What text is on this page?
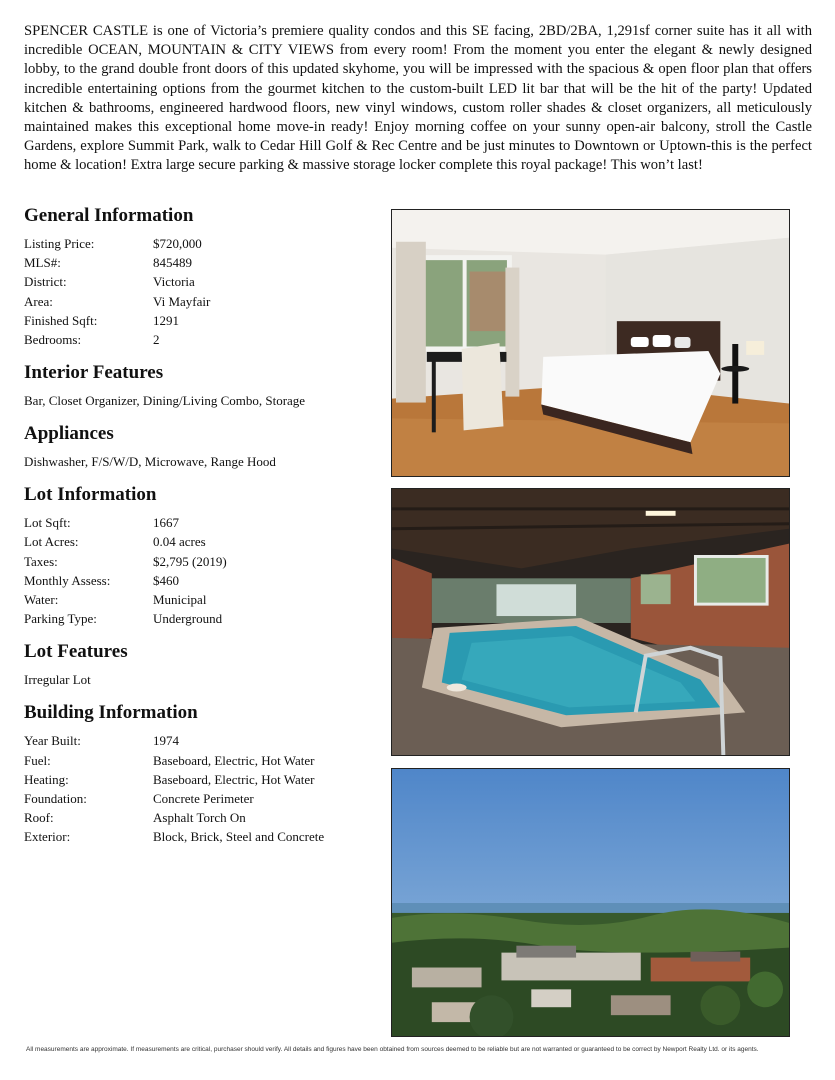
SPENCER CASTLE is one of Victoria’s premiere quality condos and this SE facing, 2BD/2BA, 1,291sf corner suite has it all with incredible OCEAN, MOUNTAIN & CITY VIEWS from every room! From the moment you enter the elegant & newly designed lobby, to the grand double front doors of this updated skyhome, you will be impressed with the spacious & open floor plan that offers incredible entertaining options from the gourmet kitchen to the custom-built LED lit bar that will be the hit of the party! Updated kitchen & bathrooms, engineered hardwood floors, new vinyl windows, custom roller shades & closet organizers, all meticulously maintained makes this exceptional home move-in ready! Enjoy morning coffee on your sunny open-air balcony, stroll the Castle Gardens, explore Summit Park, walk to Cedar Hill Golf & Rec Centre and be just minutes to Downtown or Uptown-this is the perfect home & location! Extra large secure parking & massive storage locker complete this royal package! This won’t last!

General Information
Listing Price:	$720,000
MLS#:	845489
District:	Victoria
Area:	Vi Mayfair
Finished Sqft:	1291
Bedrooms:	2
Interior Features

Bar, Closet Organizer, Dining/Living Combo, Storage

Appliances

Dishwasher, F/S/W/D, Microwave, Range Hood

Lot Information
Lot Sqft:	1667
Lot Acres:	0.04 acres
Taxes:	$2,795 (2019)
Monthly Assess:	$460
Water:	Municipal
Parking Type:	Underground
Lot Features

Irregular Lot

Building Information
Year Built:	1974
Fuel:	Baseboard, Electric, Hot Water
Heating:	Baseboard, Electric, Hot Water
Foundation:	Concrete Perimeter
Roof:	Asphalt Torch On
Exterior:	Block, Brick, Steel and Concrete

All measurements are approximate. If measurements are critical, purchaser should verify. All details and figures have been obtained from sources deemed to be reliable but are not warranted or guaranteed to be correct by Newport Realty Ltd. or its agents.
